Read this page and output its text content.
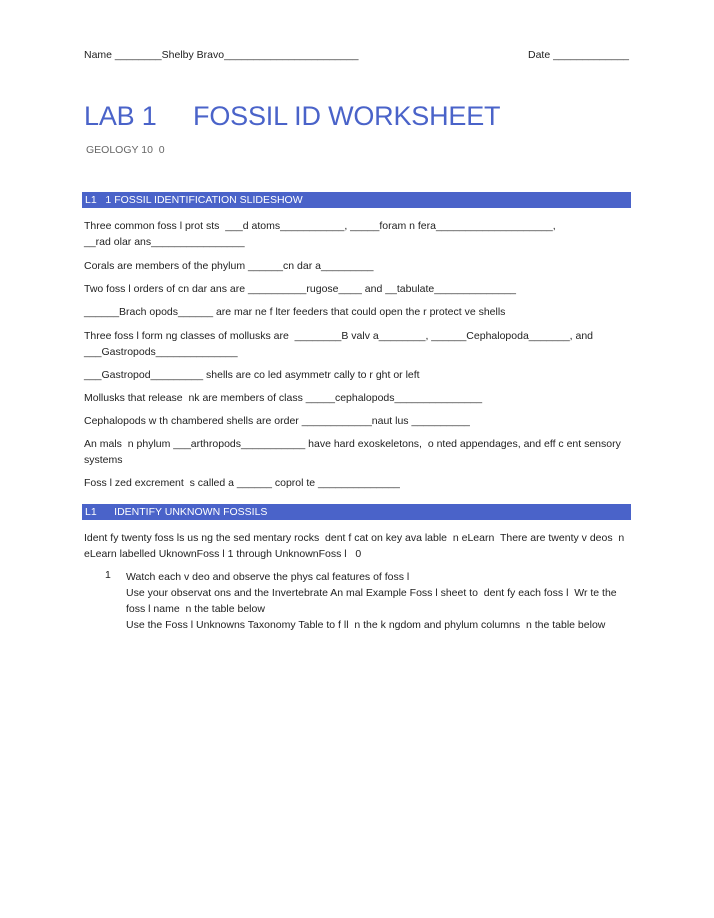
Name ________Shelby Bravo_______________________	Date _____________
LAB 1     FOSSIL ID WORKSHEET
GEOLOGY 10  0
L1   1 FOSSIL IDENTIFICATION SLIDESHOW
Three common foss l prot sts  ___d atoms___________, _____foram n fera____________________,
__rad olar ans________________
Corals are members of the phylum ______cn dar a_________
Two foss l orders of cn dar ans are __________rugose____ and __tabulate______________
______Brach opods______ are mar ne f lter feeders that could open the r protect ve shells
Three foss l form ng classes of mollusks are  ________B valv a________, ______Cephalopoda_______, and
___Gastropods______________
___Gastropod_________ shells are co led asymmetr cally to r ght or left
Mollusks that release  nk are members of class _____cephalopods_______________
Cephalopods w th chambered shells are order ____________naut lus __________
An mals  n phylum ___arthropods___________ have hard exoskeletons,  o nted appendages, and eff c ent sensory
systems
Foss l zed excrement  s called a ______ coprol te ______________
L1      IDENTIFY UNKNOWN FOSSILS
Ident fy twenty foss ls us ng the sed mentary rocks  dent f cat on key ava lable  n eLearn  There are twenty v deos  n
eLearn labelled UknownFoss l 1 through UnknownFoss l   0
1 Watch each v deo and observe the phys cal features of foss l
Use your observat ons and the Invertebrate An mal Example Foss l sheet to  dent fy each foss l  Wr te the
foss l name  n the table below
Use the Foss l Unknowns Taxonomy Table to f ll  n the k ngdom and phylum columns  n the table below
